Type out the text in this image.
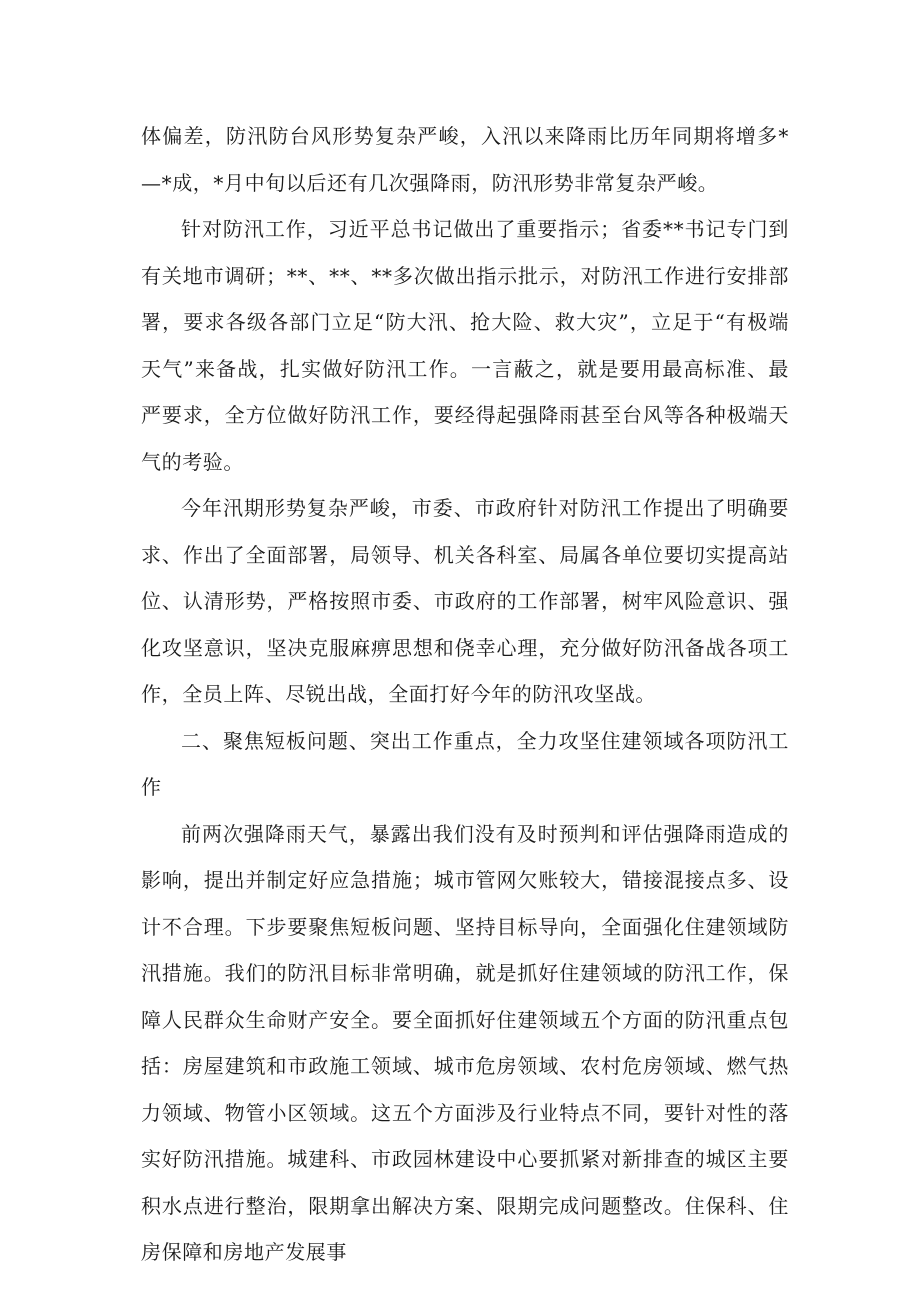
体偏差，防汛防台风形势复杂严峻，入汛以来降雨比历年同期将增多*—*成，*月中旬以后还有几次强降雨，防汛形势非常复杂严峻。

针对防汛工作，习近平总书记做出了重要指示；省委**书记专门到有关地市调研；**、**、**多次做出指示批示，对防汛工作进行安排部署，要求各级各部门立足“防大汛、抢大险、救大灾”，立足于“有极端天气”来备战，扎实做好防汛工作。一言蔽之，就是要用最高标准、最严要求，全方位做好防汛工作，要经得起强降雨甚至台风等各种极端天气的考验。

今年汛期形势复杂严峻，市委、市政府针对防汛工作提出了明确要求、作出了全面部署，局领导、机关各科室、局属各单位要切实提高站位、认清形势，严格按照市委、市政府的工作部署，树牢风险意识、强化攻坚意识，坚决克服麻痹思想和侥幸心理，充分做好防汛备战各项工作，全员上阵、尽锐出战，全面打好今年的防汛攻坚战。

二、聚焦短板问题、突出工作重点，全力攻坚住建领域各项防汛工作

前两次强降雨天气，暴露出我们没有及时预判和评估强降雨造成的影响，提出并制定好应急措施；城市管网欠账较大，错接混接点多、设计不合理。下步要聚焦短板问题、坚持目标导向，全面强化住建领域防汛措施。我们的防汛目标非常明确，就是抓好住建领域的防汛工作，保障人民群众生命财产安全。要全面抓好住建领域五个方面的防汛重点包括：房屋建筑和市政施工领域、城市危房领域、农村危房领域、燃气热力领域、物管小区领域。这五个方面涉及行业特点不同，要针对性的落实好防汛措施。城建科、市政园林建设中心要抓紧对新排查的城区主要积水点进行整治，限期拿出解决方案、限期完成问题整改。住保科、住房保障和房地产发展事
